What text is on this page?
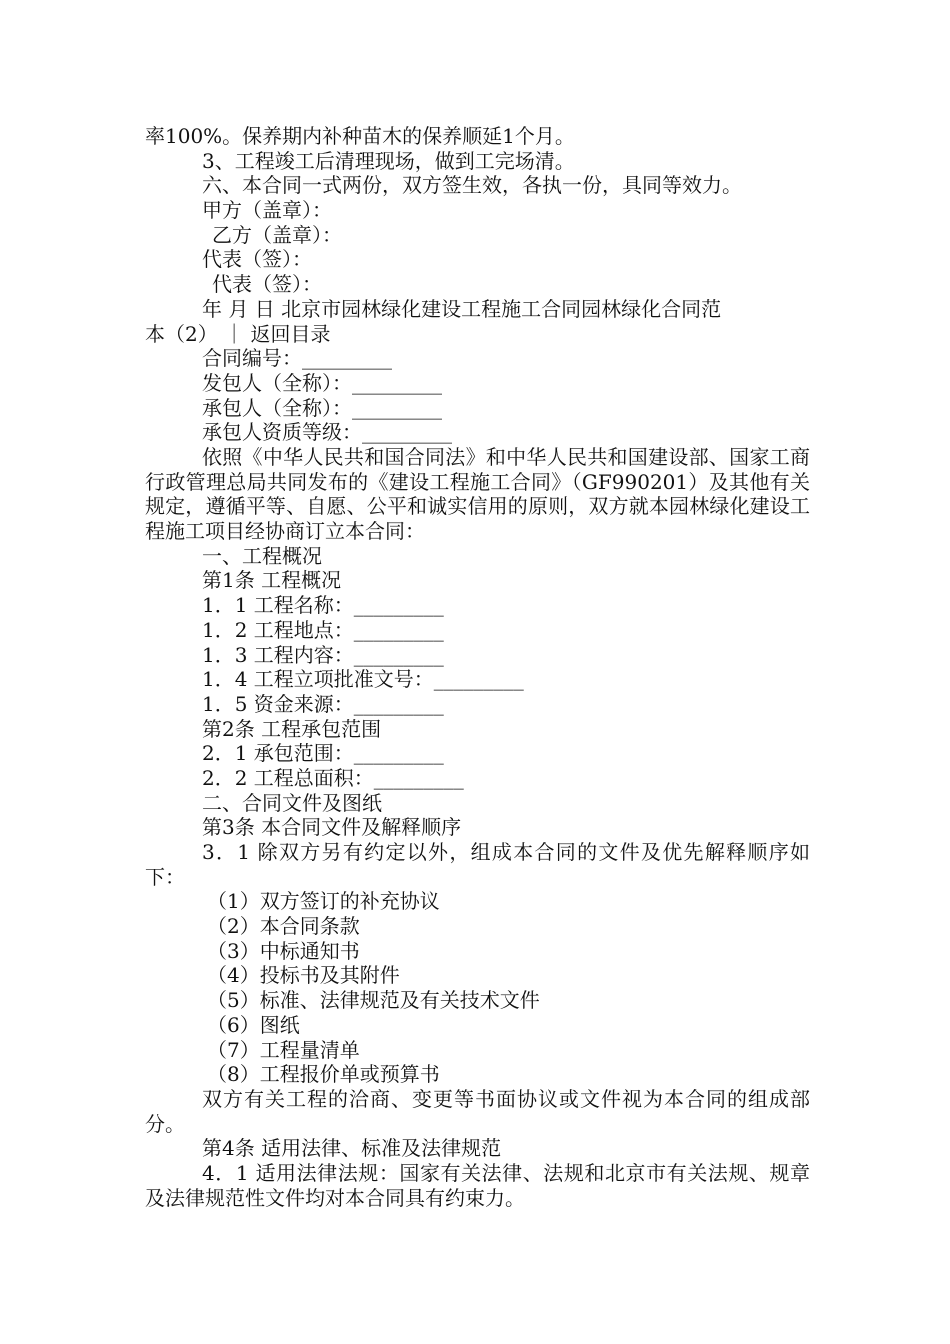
率100%。保养期内补种苗木的保养顺延1个月。
3、工程竣工后清理现场，做到工完场清。
六、本合同一式两份，双方签生效，各执一份，具同等效力。
甲方（盖章）：
乙方（盖章）：
代表（签）：
代表（签）：
年 月 日 北京市园林绿化建设工程施工合同园林绿化合同范
本（2） ｜ 返回目录
合同编号：_________
发包人（全称）：_________
承包人（全称）：_________
承包人资质等级：_________
依照《中华人民共和国合同法》和中华人民共和国建设部、国家工商行政管理总局共同发布的《建设工程施工合同》（GF990201）及其他有关规定，遵循平等、自愿、公平和诚实信用的原则，双方就本园林绿化建设工程施工项目经协商订立本合同：
一、工程概况
第1条 工程概况
1．1 工程名称：_________
1．2 工程地点：_________
1．3 工程内容：_________
1．4 工程立项批准文号：_________
1．5 资金来源：_________
第2条 工程承包范围
2．1 承包范围：_________
2．2 工程总面积：_________
二、合同文件及图纸
第3条 本合同文件及解释顺序
3．1 除双方另有约定以外，组成本合同的文件及优先解释顺序如下：
（1）双方签订的补充协议
（2）本合同条款
（3）中标通知书
（4）投标书及其附件
（5）标准、法律规范及有关技术文件
（6）图纸
（7）工程量清单
（8）工程报价单或预算书
双方有关工程的洽商、变更等书面协议或文件视为本合同的组成部分。
第4条 适用法律、标准及法律规范
4．1 适用法律法规：国家有关法律、法规和北京市有关法规、规章及法律规范性文件均对本合同具有约束力。
